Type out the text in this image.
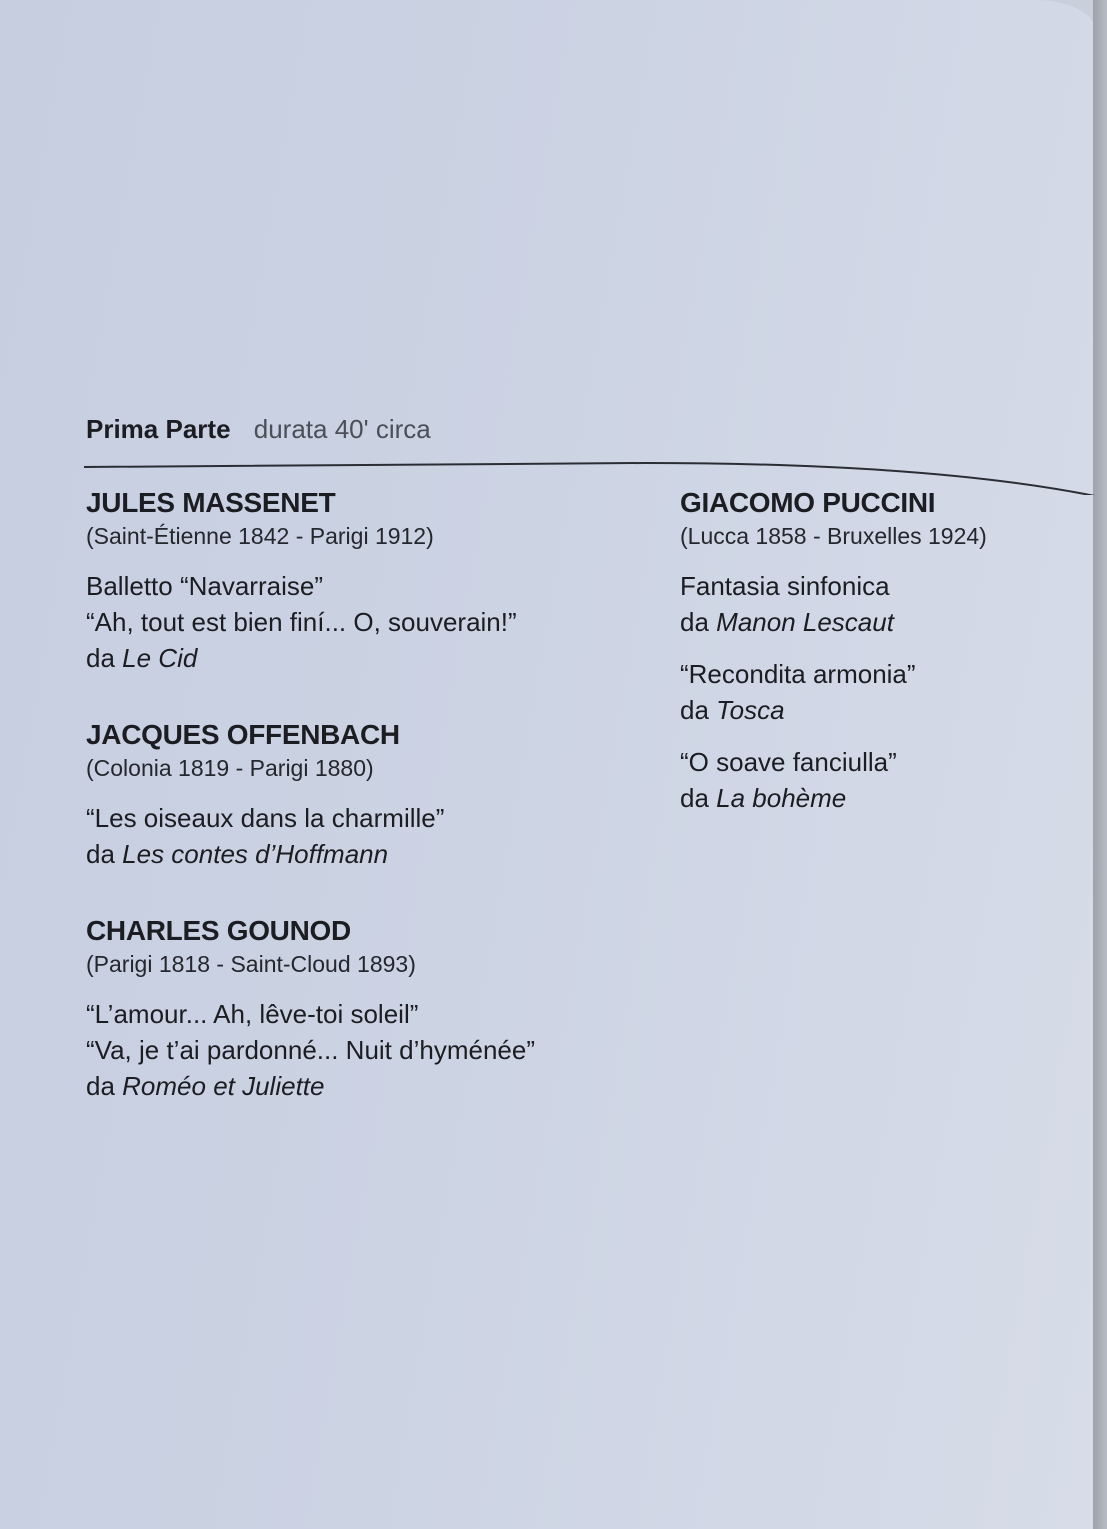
Prima Parte durata 40' circa
JULES MASSENET
(Saint-Étienne 1842 - Parigi 1912)
Balletto “Navarraise”
“Ah, tout est bien finí... O, souverain!”
da Le Cid
JACQUES OFFENBACH
(Colonia 1819 - Parigi 1880)
“Les oiseaux dans la charmille”
da Les contes d’Hoffmann
CHARLES GOUNOD
(Parigi 1818 - Saint-Cloud 1893)
“L’amour... Ah, lêve-toi soleil”
“Va, je t’ai pardonné... Nuit d’hyménée”
da Roméo et Juliette
GIACOMO PUCCINI
(Lucca 1858 - Bruxelles 1924)
Fantasia sinfonica
da Manon Lescaut
“Recondita armonia”
da Tosca
“O soave fanciulla”
da La bohème
